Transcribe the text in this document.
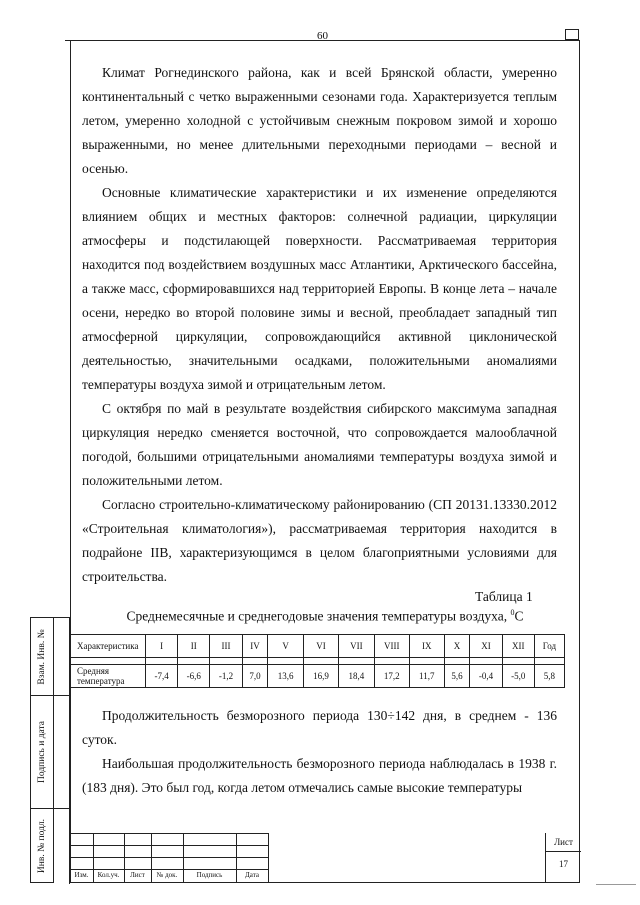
60
Взам. Инв. №
Подпись и дата
Инв. № подл.
Климат Рогнединского района, как и всей Брянской области, умеренно континентальный с четко выраженными сезонами года. Характеризуется теплым летом, умеренно холодной с устойчивым снежным покровом зимой и хорошо выраженными, но менее длительными переходными периодами – весной и осенью.
Основные климатические характеристики и их изменение определяются влиянием общих и местных факторов: солнечной радиации, циркуляции атмосферы и подстилающей поверхности. Рассматриваемая территория находится под воздействием воздушных масс Атлантики, Арктического бассейна, а также масс, сформировавшихся над территорией Европы. В конце лета – начале осени, нередко во второй половине зимы и весной, преобладает западный тип атмосферной циркуляции, сопровождающийся активной циклонической деятельностью, значительными осадками, положительными аномалиями температуры воздуха зимой и отрицательным летом.
С октября по май в результате воздействия сибирского максимума западная циркуляция нередко сменяется восточной, что сопровождается малооблачной погодой, большими отрицательными аномалиями температуры воздуха зимой и положительными летом.
Согласно строительно-климатическому районированию (СП 20131.13330.2012 «Строительная климатология»), рассматриваемая территория находится в подрайоне IIВ, характеризующимся в целом благоприятными условиями для строительства.
Таблица 1
Среднемесячные и среднегодовые значения температуры воздуха, $^0$С
Характеристика	I	II	III	IV	V	VI	VII	VIII	IX	X	XI	XII	Год

Средняя температура	-7,4	-6,6	-1,2	7,0	13,6	16,9	18,4	17,2	11,7	5,6	-0,4	-5,0	5,8
Продолжительность безморозного периода 130÷142 дня, в среднем - 136 суток.
Наибольшая продолжительность безморозного периода наблюдалась в 1938 г. (183 дня). Это был год, когда летом отмечались самые высокие температуры
Изм.	Кол.уч.	Лист	№ док.	Подпись	Дата
Лист
17
